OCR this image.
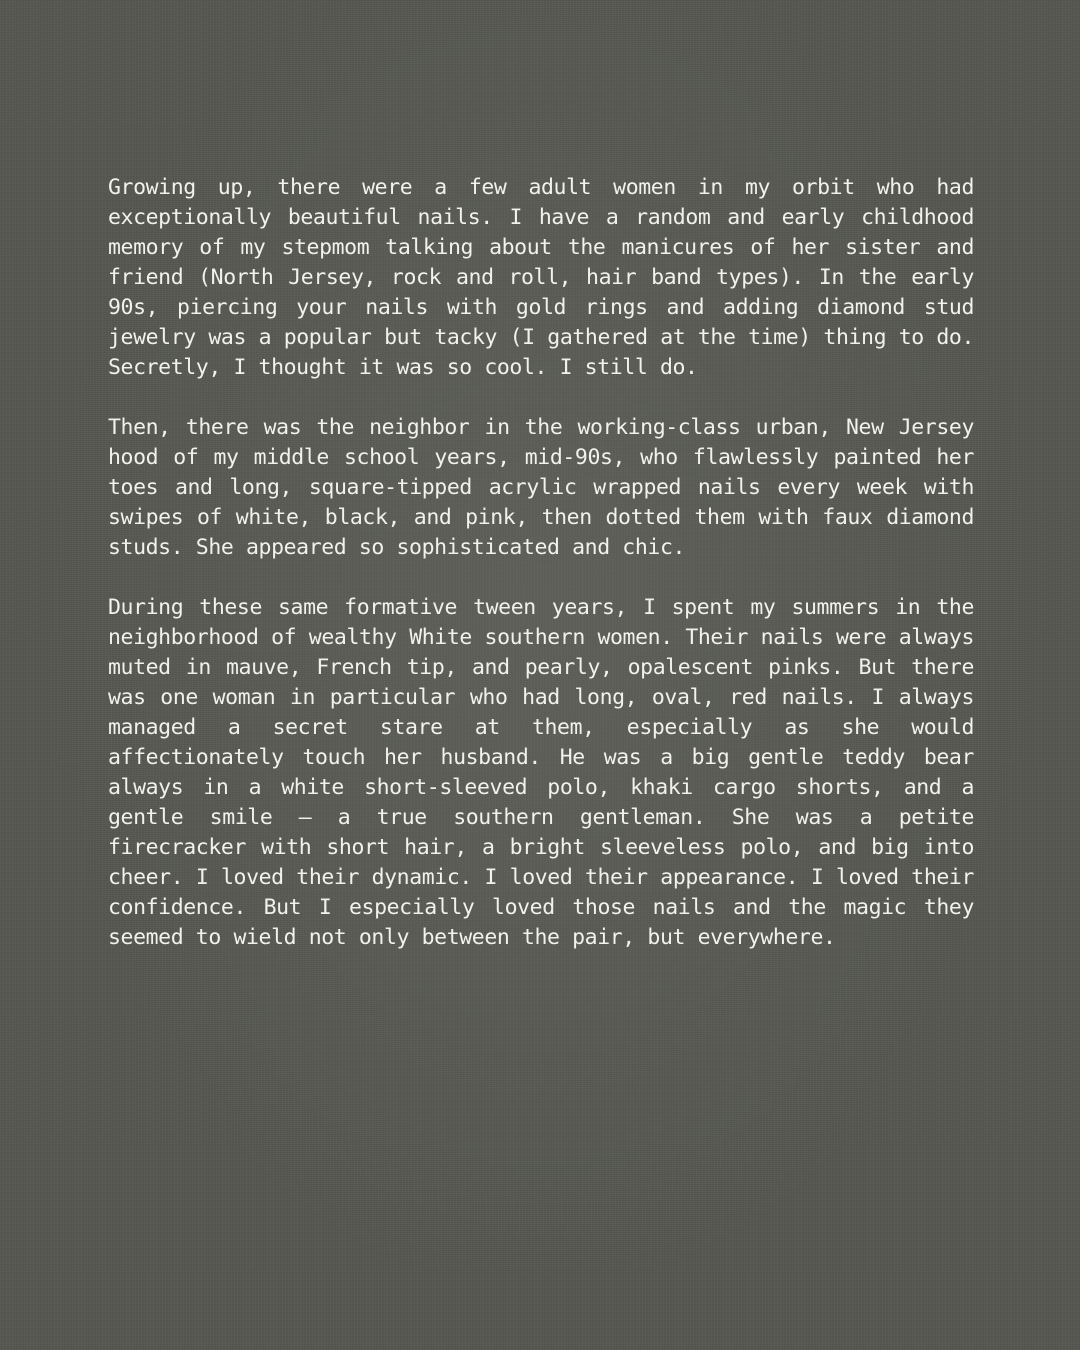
Growing up, there were a few adult women in my orbit who had exceptionally beautiful nails. I have a random and early childhood memory of my stepmom talking about the manicures of her sister and friend (North Jersey, rock and roll, hair band types). In the early 90s, piercing your nails with gold rings and adding diamond stud jewelry was a popular but tacky (I gathered at the time) thing to do. Secretly, I thought it was so cool. I still do.

Then, there was the neighbor in the working-class urban, New Jersey hood of my middle school years, mid-90s, who flawlessly painted her toes and long, square-tipped acrylic wrapped nails every week with swipes of white, black, and pink, then dotted them with faux diamond studs. She appeared so sophisticated and chic.

During these same formative tween years, I spent my summers in the neighborhood of wealthy White southern women. Their nails were always muted in mauve, French tip, and pearly, opalescent pinks. But there was one woman in particular who had long, oval, red nails. I always managed a secret stare at them, especially as she would affectionately touch her husband. He was a big gentle teddy bear always in a white short-sleeved polo, khaki cargo shorts, and a gentle smile — a true southern gentleman. She was a petite firecracker with short hair, a bright sleeveless polo, and big into cheer. I loved their dynamic. I loved their appearance. I loved their confidence. But I especially loved those nails and the magic they seemed to wield not only between the pair, but everywhere.
